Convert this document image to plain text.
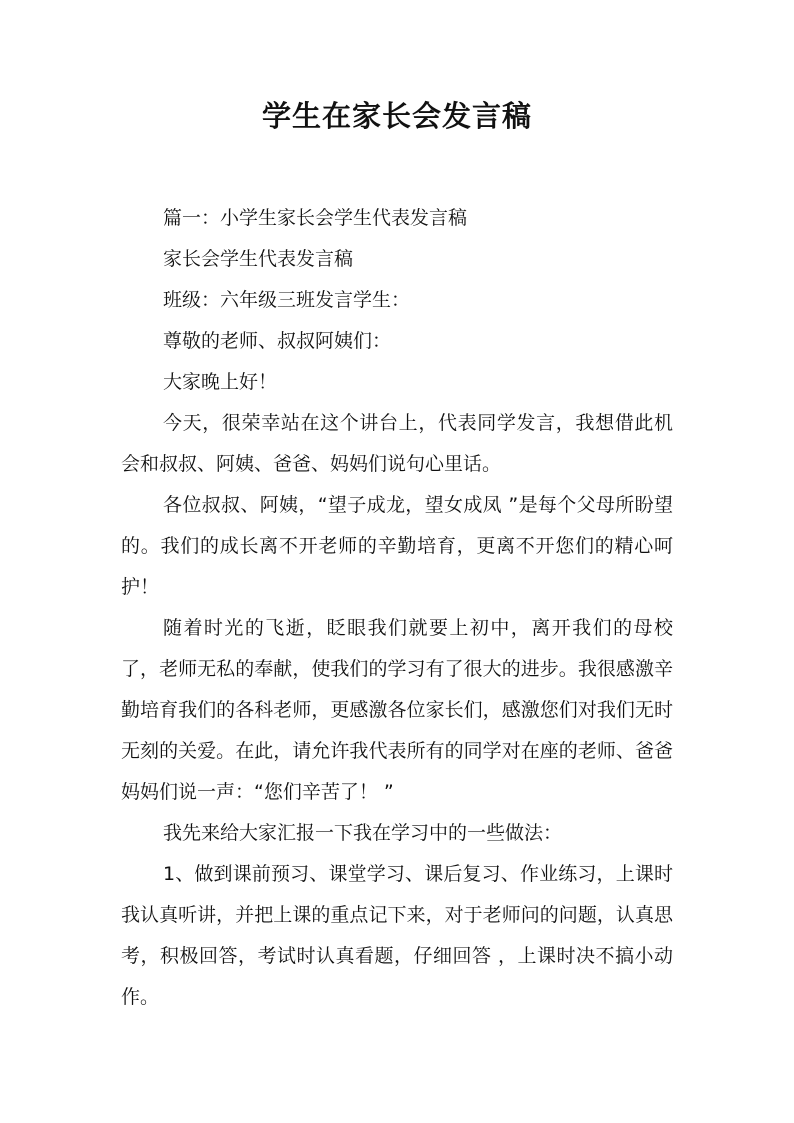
学生在家长会发言稿

篇一：小学生家长会学生代表发言稿

家长会学生代表发言稿

班级：六年级三班发言学生：

尊敬的老师、叔叔阿姨们：

大家晚上好！

今天，很荣幸站在这个讲台上，代表同学发言，我想借此机会和叔叔、阿姨、爸爸、妈妈们说句心里话。

各位叔叔、阿姨，“望子成龙，望女成凤 ”是每个父母所盼望的。我们的成长离不开老师的辛勤培育，更离不开您们的精心呵护！

随着时光的飞逝，眨眼我们就要上初中，离开我们的母校了，老师无私的奉献，使我们的学习有了很大的进步。我很感激辛勤培育我们的各科老师，更感激各位家长们，感激您们对我们无时无刻的关爱。在此，请允许我代表所有的同学对在座的老师、爸爸妈妈们说一声：“您们辛苦了！ ”

我先来给大家汇报一下我在学习中的一些做法：

1、做到课前预习、课堂学习、课后复习、作业练习，上课时我认真听讲，并把上课的重点记下来，对于老师问的问题，认真思考，积极回答，考试时认真看题，仔细回答 ，上课时决不搞小动作。
